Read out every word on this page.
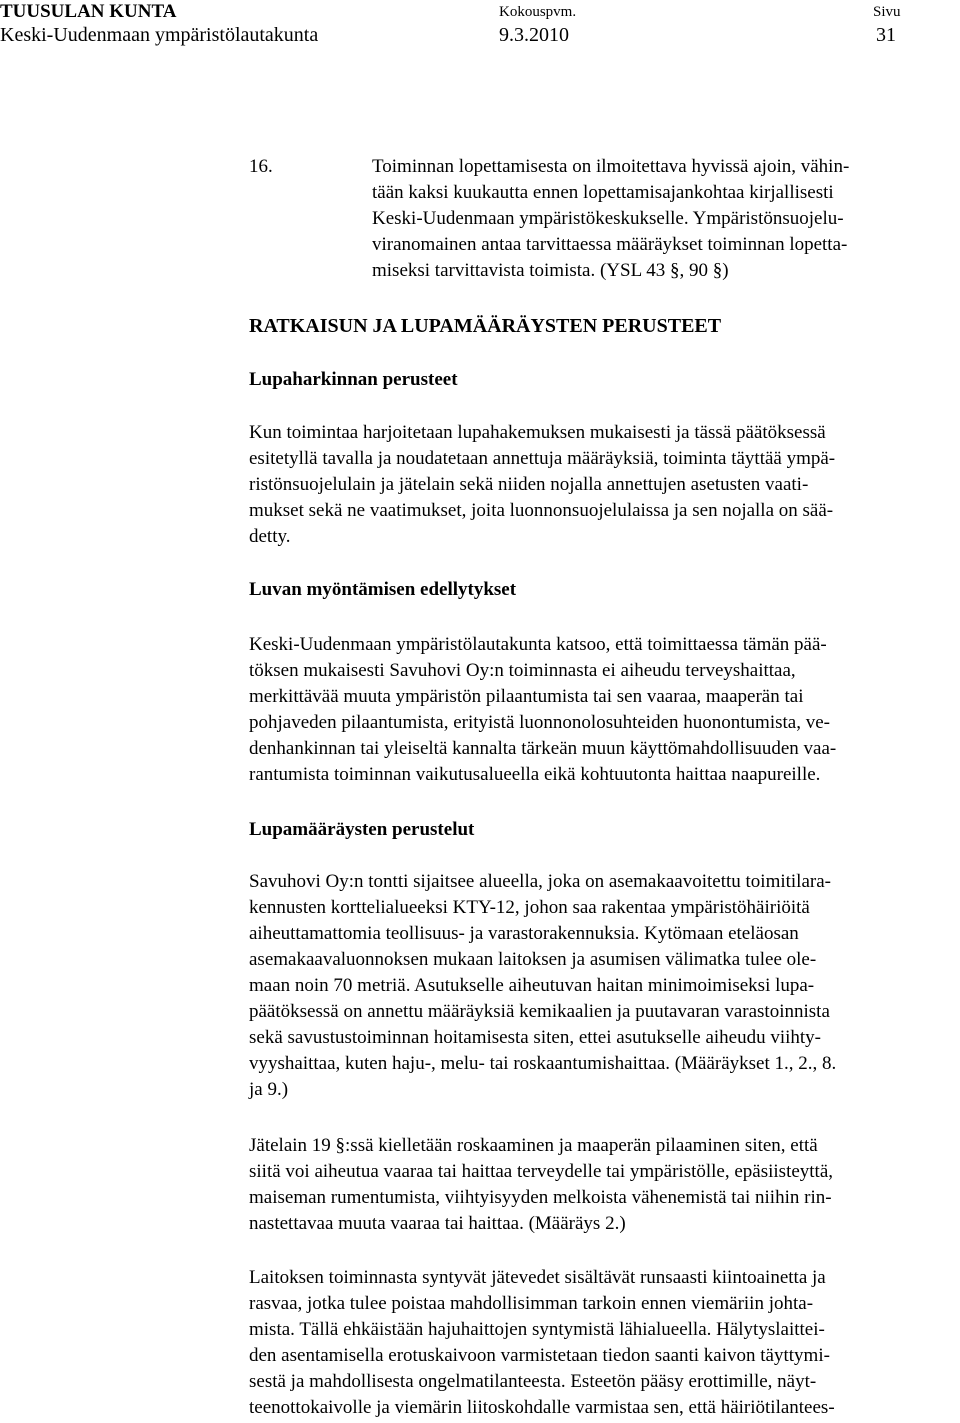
TUUSULAN KUNTA
Keski-Uudenmaan ympäristölautakunta
Kokouspvm.
9.3.2010
Sivu
31
16.	Toiminnan lopettamisesta on ilmoitettava hyvissä ajoin, vähin-
tään kaksi kuukautta ennen lopettamisajankohtaa kirjallisesti
Keski-Uudenmaan ympäristökeskukselle. Ympäristönsuojelu-
viranomainen antaa tarvittaessa määräykset toiminnan lopetta-
miseksi tarvittavista toimista. (YSL 43 §, 90 §)
RATKAISUN JA LUPAMÄÄRÄYSTEN PERUSTEET
Lupaharkinnan perusteet
Kun toimintaa harjoitetaan lupahakemuksen mukaisesti ja tässä päätöksessä
esitetyllä tavalla ja noudatetaan annettuja määräyksiä, toiminta täyttää ympä-
ristönsuojelulain ja jätelain sekä niiden nojalla annettujen asetusten vaati-
mukset sekä ne vaatimukset, joita luonnonsuojelulaissa ja sen nojalla on sää-
detty.
Luvan myöntämisen edellytykset
Keski-Uudenmaan ympäristölautakunta katsoo, että toimittaessa tämän pää-
töksen mukaisesti Savuhovi Oy:n toiminnasta ei aiheudu terveyshaittaa,
merkittävää muuta ympäristön pilaantumista tai sen vaaraa, maaperän tai
pohjaveden pilaantumista, erityistä luonnonolosuhteiden huonontumista, ve-
denhankinnan tai yleiseltä kannalta tärkeän muun käyttömahdollisuuden vaa-
rantumista toiminnan vaikutusalueella eikä kohtuutonta haittaa naapureille.
Lupamääräysten perustelut
Savuhovi Oy:n tontti sijaitsee alueella, joka on asemakaavoitettu toimitilara-
kennusten korttelialueeksi KTY-12, johon saa rakentaa ympäristöhäiriöitä
aiheuttamattomia teollisuus- ja varastorakennuksia. Kytömaan eteläosan
asemakaavaluonnoksen mukaan laitoksen ja asumisen välimatka tulee ole-
maan noin 70 metriä. Asutukselle aiheutuvan haitan minimoimiseksi lupa-
päätöksessä on annettu määräyksiä kemikaalien ja puutavaran varastoinnista
sekä savustustoiminnan hoitamisesta siten, ettei asutukselle aiheudu viihty-
vyyshaittaa, kuten haju-, melu- tai roskaantumishaittaa. (Määräykset 1., 2., 8.
ja 9.)
Jätelain 19 §:ssä kielletään roskaaminen ja maaperän pilaaminen siten, että
siitä voi aiheutua vaaraa tai haittaa terveydelle tai ympäristölle, epäsiisteyttä,
maiseman rumentumista, viihtyisyyden melkoista vähenemistä tai niihin rin-
nastettavaa muuta vaaraa tai haittaa. (Määräys 2.)
Laitoksen toiminnasta syntyvät jätevedet sisältävät runsaasti kiintoainetta ja
rasvaa, jotka tulee poistaa mahdollisimman tarkoin ennen viemäriin johta-
mista. Tällä ehkäistään hajuhaittojen syntymistä lähialueella. Hälytyslaittei-
den asentamisella erotuskaivoon varmistetaan tiedon saanti kaivon täyttymi-
sestä ja mahdollisesta ongelmatilanteesta. Esteetön pääsy erottimille, näyt-
teenottokaivolle ja viemärin liitoskohdalle varmistaa sen, että häiriötilantees-
